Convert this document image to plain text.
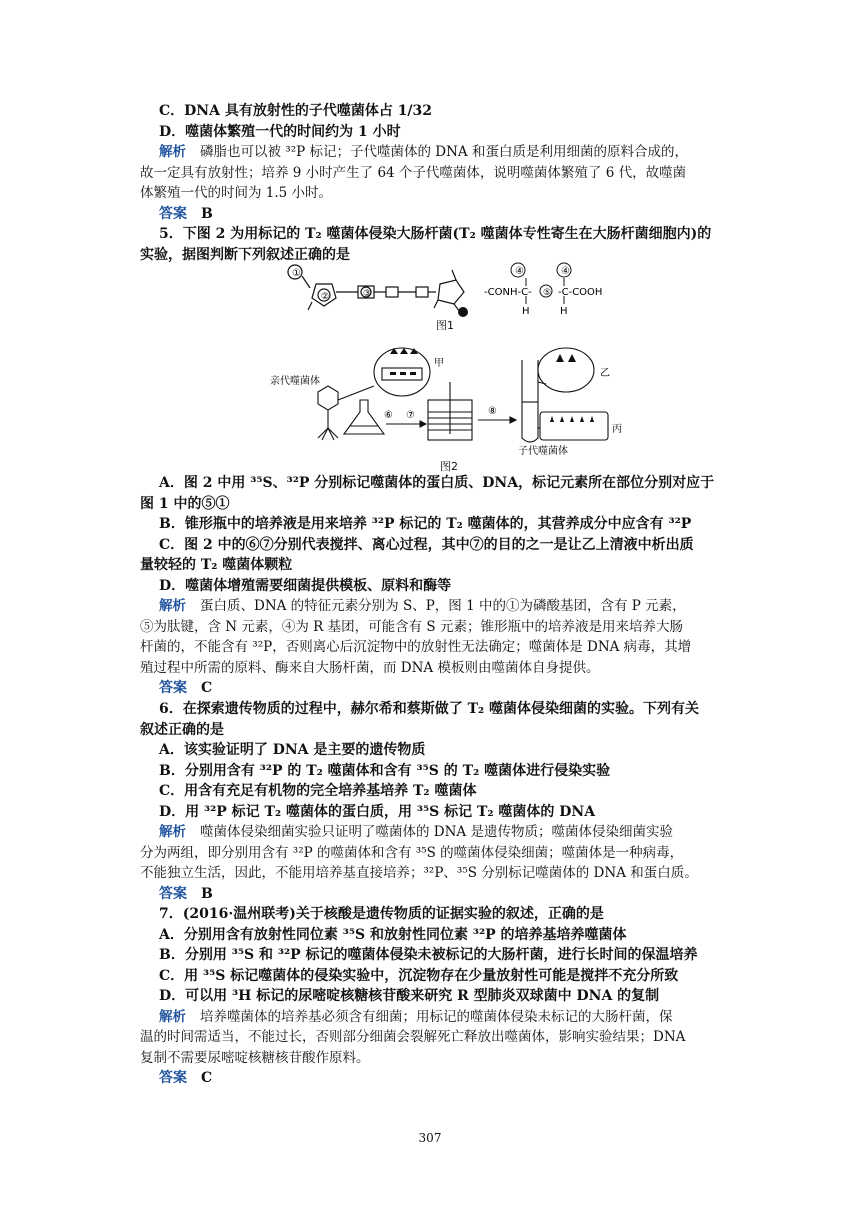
C．DNA 具有放射性的子代噬菌体占 1/32
D．噬菌体繁殖一代的时间约为 1 小时
解析 磷脂也可以被 ³²P 标记；子代噬菌体的 DNA 和蛋白质是利用细菌的原料合成的，
故一定具有放射性；培养 9 小时产生了 64 个子代噬菌体，说明噬菌体繁殖了 6 代，故噬菌
体繁殖一代的时间为 1.5 小时。
答案 B
5．下图 2 为用标记的 T₂ 噬菌体侵染大肠杆菌(T₂ 噬菌体专性寄生在大肠杆菌细胞内)的
实验，据图判断下列叙述正确的是
④	④
⑤
-CONH-C-	-C-COOH
H	H
①
②	③
图1
亲代噬菌体
甲
乙
丙
⑥ ⑦	⑧
子代噬菌体
图2
A．图 2 中用 ³⁵S、³²P 分别标记噬菌体的蛋白质、DNA，标记元素所在部位分别对应于
图 1 中的⑤①
B．锥形瓶中的培养液是用来培养 ³²P 标记的 T₂ 噬菌体的，其营养成分中应含有 ³²P
C．图 2 中的⑥⑦分别代表搅拌、离心过程，其中⑦的目的之一是让乙上清液中析出质
量较轻的 T₂ 噬菌体颗粒
D．噬菌体增殖需要细菌提供模板、原料和酶等
解析 蛋白质、DNA 的特征元素分别为 S、P，图 1 中的①为磷酸基团，含有 P 元素，
⑤为肽键，含 N 元素，④为 R 基团，可能含有 S 元素；锥形瓶中的培养液是用来培养大肠
杆菌的，不能含有 ³²P，否则离心后沉淀物中的放射性无法确定；噬菌体是 DNA 病毒，其增
殖过程中所需的原料、酶来自大肠杆菌，而 DNA 模板则由噬菌体自身提供。
答案 C
6．在探索遗传物质的过程中，赫尔希和蔡斯做了 T₂ 噬菌体侵染细菌的实验。下列有关
叙述正确的是
A．该实验证明了 DNA 是主要的遗传物质
B．分别用含有 ³²P 的 T₂ 噬菌体和含有 ³⁵S 的 T₂ 噬菌体进行侵染实验
C．用含有充足有机物的完全培养基培养 T₂ 噬菌体
D．用 ³²P 标记 T₂ 噬菌体的蛋白质，用 ³⁵S 标记 T₂ 噬菌体的 DNA
解析 噬菌体侵染细菌实验只证明了噬菌体的 DNA 是遗传物质；噬菌体侵染细菌实验
分为两组，即分别用含有 ³²P 的噬菌体和含有 ³⁵S 的噬菌体侵染细菌；噬菌体是一种病毒，
不能独立生活，因此，不能用培养基直接培养；³²P、³⁵S 分别标记噬菌体的 DNA 和蛋白质。
答案 B
7．(2016·温州联考)关于核酸是遗传物质的证据实验的叙述，正确的是
A．分别用含有放射性同位素 ³⁵S 和放射性同位素 ³²P 的培养基培养噬菌体
B．分别用 ³⁵S 和 ³²P 标记的噬菌体侵染未被标记的大肠杆菌，进行长时间的保温培养
C．用 ³⁵S 标记噬菌体的侵染实验中，沉淀物存在少量放射性可能是搅拌不充分所致
D．可以用 ³H 标记的尿嘧啶核糖核苷酸来研究 R 型肺炎双球菌中 DNA 的复制
解析 培养噬菌体的培养基必须含有细菌；用标记的噬菌体侵染未标记的大肠杆菌，保
温的时间需适当，不能过长，否则部分细菌会裂解死亡释放出噬菌体，影响实验结果；DNA
复制不需要尿嘧啶核糖核苷酸作原料。
答案 C
307
